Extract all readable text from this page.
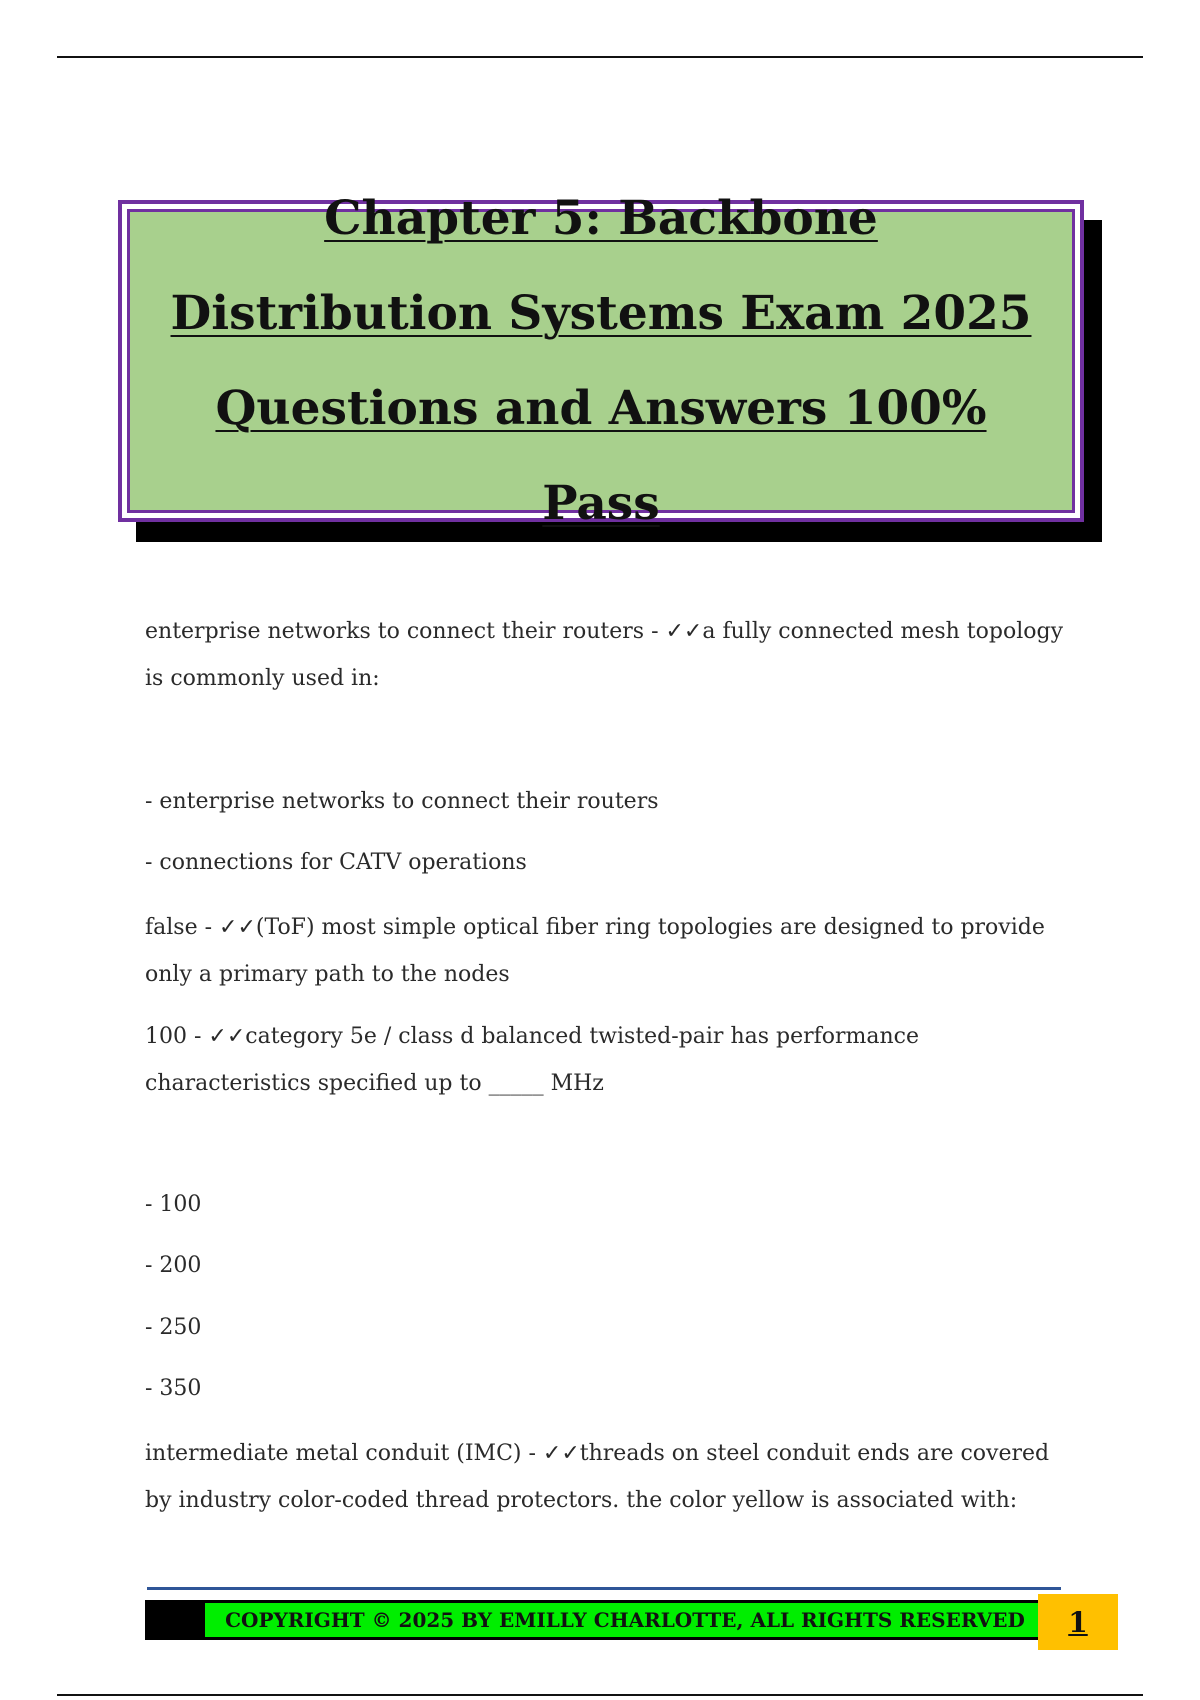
Chapter 5: Backbone Distribution Systems Exam 2025 Questions and Answers 100% Pass

enterprise networks to connect their routers - ✓✓a fully connected mesh topology is commonly used in:

- enterprise networks to connect their routers

- connections for CATV operations

false - ✓✓(ToF) most simple optical fiber ring topologies are designed to provide only a primary path to the nodes

100 - ✓✓category 5e / class d balanced twisted-pair has performance characteristics specified up to _____ MHz

- 100

- 200

- 250

- 350

intermediate metal conduit (IMC) - ✓✓threads on steel conduit ends are covered by industry color-coded thread protectors. the color yellow is associated with:

COPYRIGHT © 2025 BY EMILLY CHARLOTTE, ALL RIGHTS RESERVED	1
